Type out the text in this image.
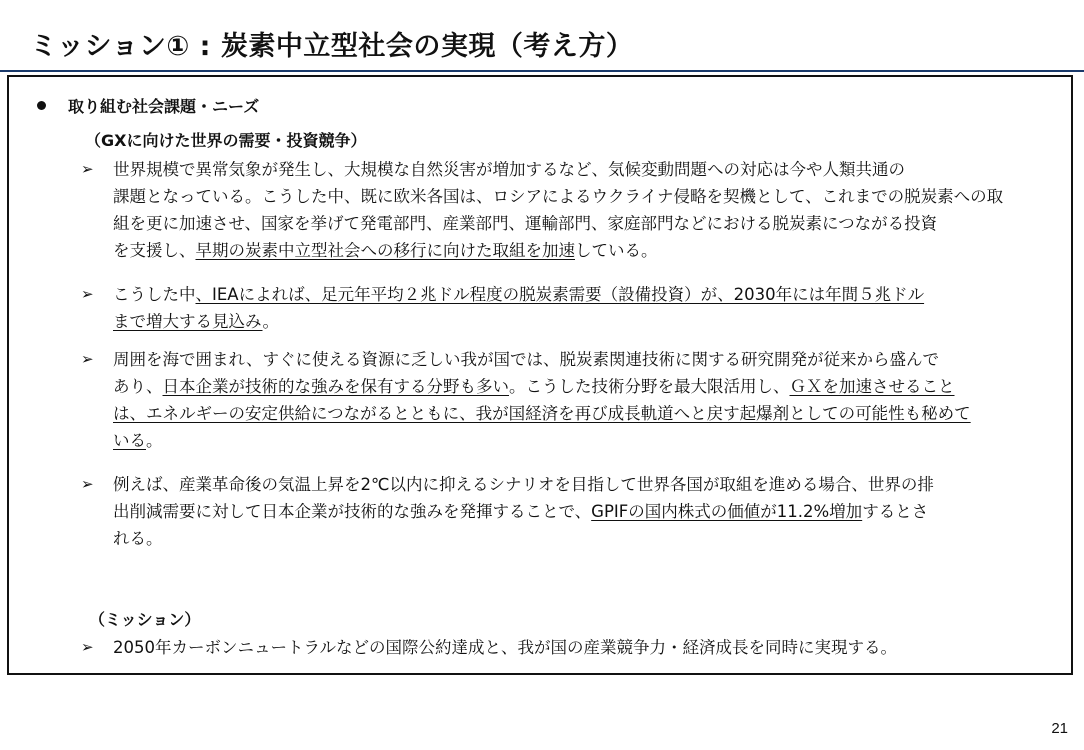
ミッション① : 炭素中立型社会の実現（考え方）
取り組む社会課題・ニーズ
（GXに向けた世界の需要・投資競争）
➢ 世界規模で異常気象が発生し、大規模な自然災害が増加するなど、気候変動問題への対応は今や人類共通の
課題となっている。こうした中、既に欧米各国は、ロシアによるウクライナ侵略を契機として、これまでの脱炭素への取
組を更に加速させ、国家を挙げて発電部門、産業部門、運輸部門、家庭部門などにおける脱炭素につながる投資
を支援し、早期の炭素中立型社会への移行に向けた取組を加速している。
➢ こうした中、IEAによれば、足元年平均２兆ドル程度の脱炭素需要（設備投資）が、2030年には年間５兆ドル
まで増大する見込み。
➢ 周囲を海で囲まれ、すぐに使える資源に乏しい我が国では、脱炭素関連技術に関する研究開発が従来から盛んで
あり、日本企業が技術的な強みを保有する分野も多い。こうした技術分野を最大限活用し、ＧＸを加速させること
は、エネルギーの安定供給につながるとともに、我が国経済を再び成長軌道へと戻す起爆剤としての可能性も秘めて
いる。
➢ 例えば、産業革命後の気温上昇を2℃以内に抑えるシナリオを目指して世界各国が取組を進める場合、世界の排
出削減需要に対して日本企業が技術的な強みを発揮することで、GPIFの国内株式の価値が11.2%増加するとさ
れる。
（ミッション）
➢ 2050年カーボンニュートラルなどの国際公約達成と、我が国の産業競争力・経済成長を同時に実現する。
21
